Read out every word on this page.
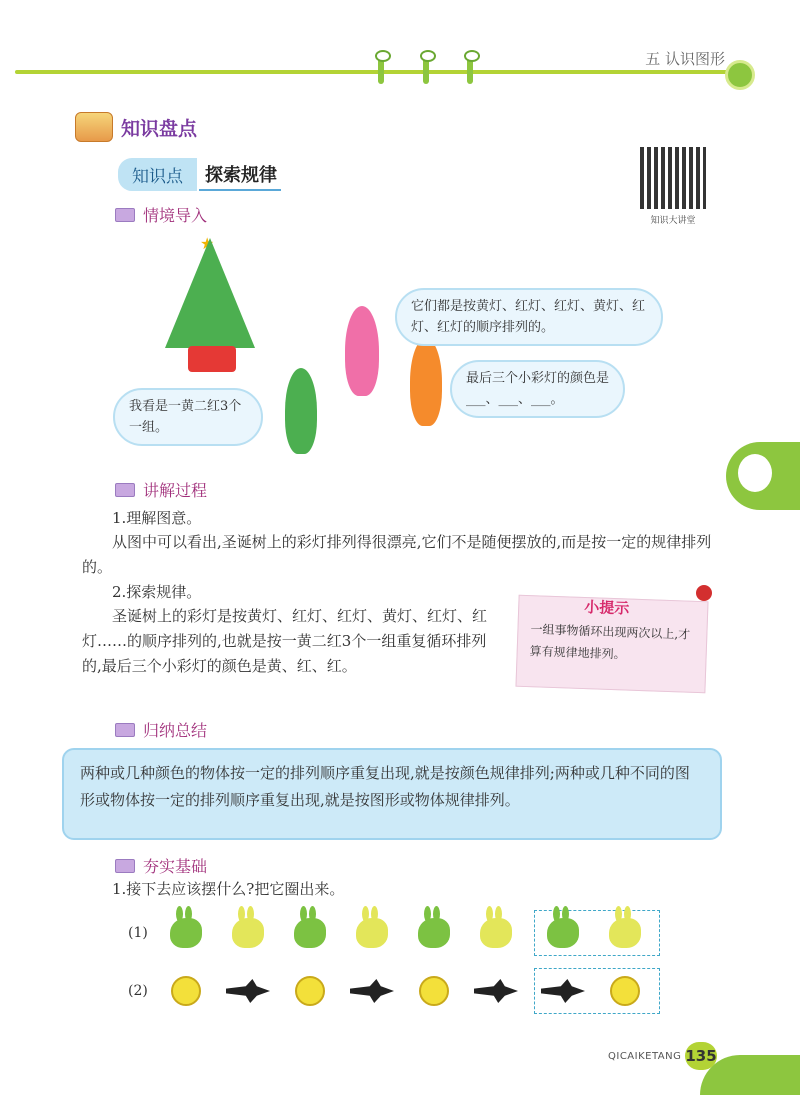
五 认识图形
知识盘点
知识点	探索规律
知识大讲堂
情境导入
★
它们都是按黄灯、红灯、红灯、黄灯、红灯、红灯的顺序排列的。
最后三个小彩灯的颜色是___、___、___。
我看是一黄二红3个一组。
讲解过程
1.理解图意。
从图中可以看出,圣诞树上的彩灯排列得很漂亮,它们不是随便摆放的,而是按一定的规律排列的。
2.探索规律。
圣诞树上的彩灯是按黄灯、红灯、红灯、黄灯、红灯、红灯……的顺序排列的,也就是按一黄二红3个一组重复循环排列的,最后三个小彩灯的颜色是黄、红、红。
小提示
一组事物循环出现两次以上,才算有规律地排列。
归纳总结
两种或几种颜色的物体按一定的排列顺序重复出现,就是按颜色规律排列;两种或几种不同的图形或物体按一定的排列顺序重复出现,就是按图形或物体规律排列。
夯实基础
1.接下去应该摆什么?把它圈出来。
(1)
(2)
QICAIKETANG 135
